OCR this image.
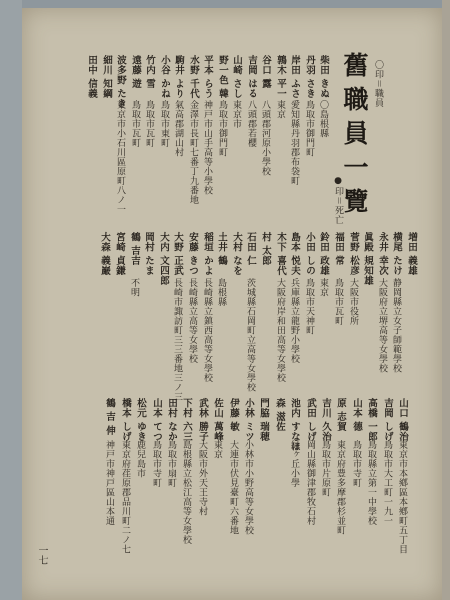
舊職員一覽 〇印＝職員
●印＝死亡
柴田 きぬ
〇島根縣
丹羽 さき
鳥取市御門町
岸田 ふさ
愛知縣丹羽郡布袋町
鶉木 平一
東京
谷口 露
八頭郡河原小學校
吉岡 はる
八頭郡若櫻
山崎 さし
東京市
野一色 韓
鳥取市御門町
平本 らう
神戸市山手高等小學校
水野 千代
金澤市長町七番丁九番地
駒井 より
氣高郡湖山村
小谷 かね
鳥取市東町
竹内 雪
鳥取市瓦町
遠藤 遊
鳥取市瓦町
波多野 たき
東京市小石川區原町八ノ一
細川 知綱
田中 信義
増田 義雄
横尾 たけ
静岡縣立女子師範學校
永井 幸次
大阪府立堺高等女學校
眞殿 規知雄
菅野 松彦
大阪市役所
福田 常
鳥取市瓦町
鈴田 政雄
東京
小田 しの
鳥取市天神町
島本 悦夫
兵庫縣立龍野小學校
木下 喜代
大阪府岸和田高等女學校
村 太郎
石田 仁
茨城縣石岡町立高等女學校
大村 なを
土井 鶴
島根縣
稲垣 かよ
長崎縣立鎮西高等女學校
安藤 きつ
長崎縣立高等女學校
大野 正武
長崎市諏訪町三三番地三ノ三
大内 文四郎
岡村 たま
鶴 吉吉
不明
宮崎 貞鎌
大森 義巌
山口 鶴治
東京市本鄕區本鄕町五丁目
吉岡 しげ
鳥取市大工町一九一
高橋 一郎
鳥取縣立第一中學校
山本 德
鳥取市寺町
原 志賀
東京府豊多摩郡杉並町
吉川 久治
鳥取市片原町
武田 しげ
岡山縣御津郡牧石村
池内 すなほ
緑ヶ丘小學
森 滋佐
門脇 瑞穂
小林 ミツ
小林市小野高等女學校
伊藤 敏
大連市伏見臺町六番地
佐山 萬峰
東京
武林 勝子
大阪市外天王寺村
下村 六三
島根縣立松江高等女學校
田村 なか
鳥取市扇町
山本 てつ
鳥取市寺町
松元 ゆき
鹿兒島市
橋本 しげ
東京府荏原郡品川町二ノ七
鶴 吉 伸
神戸市神戸區山本通
一七
